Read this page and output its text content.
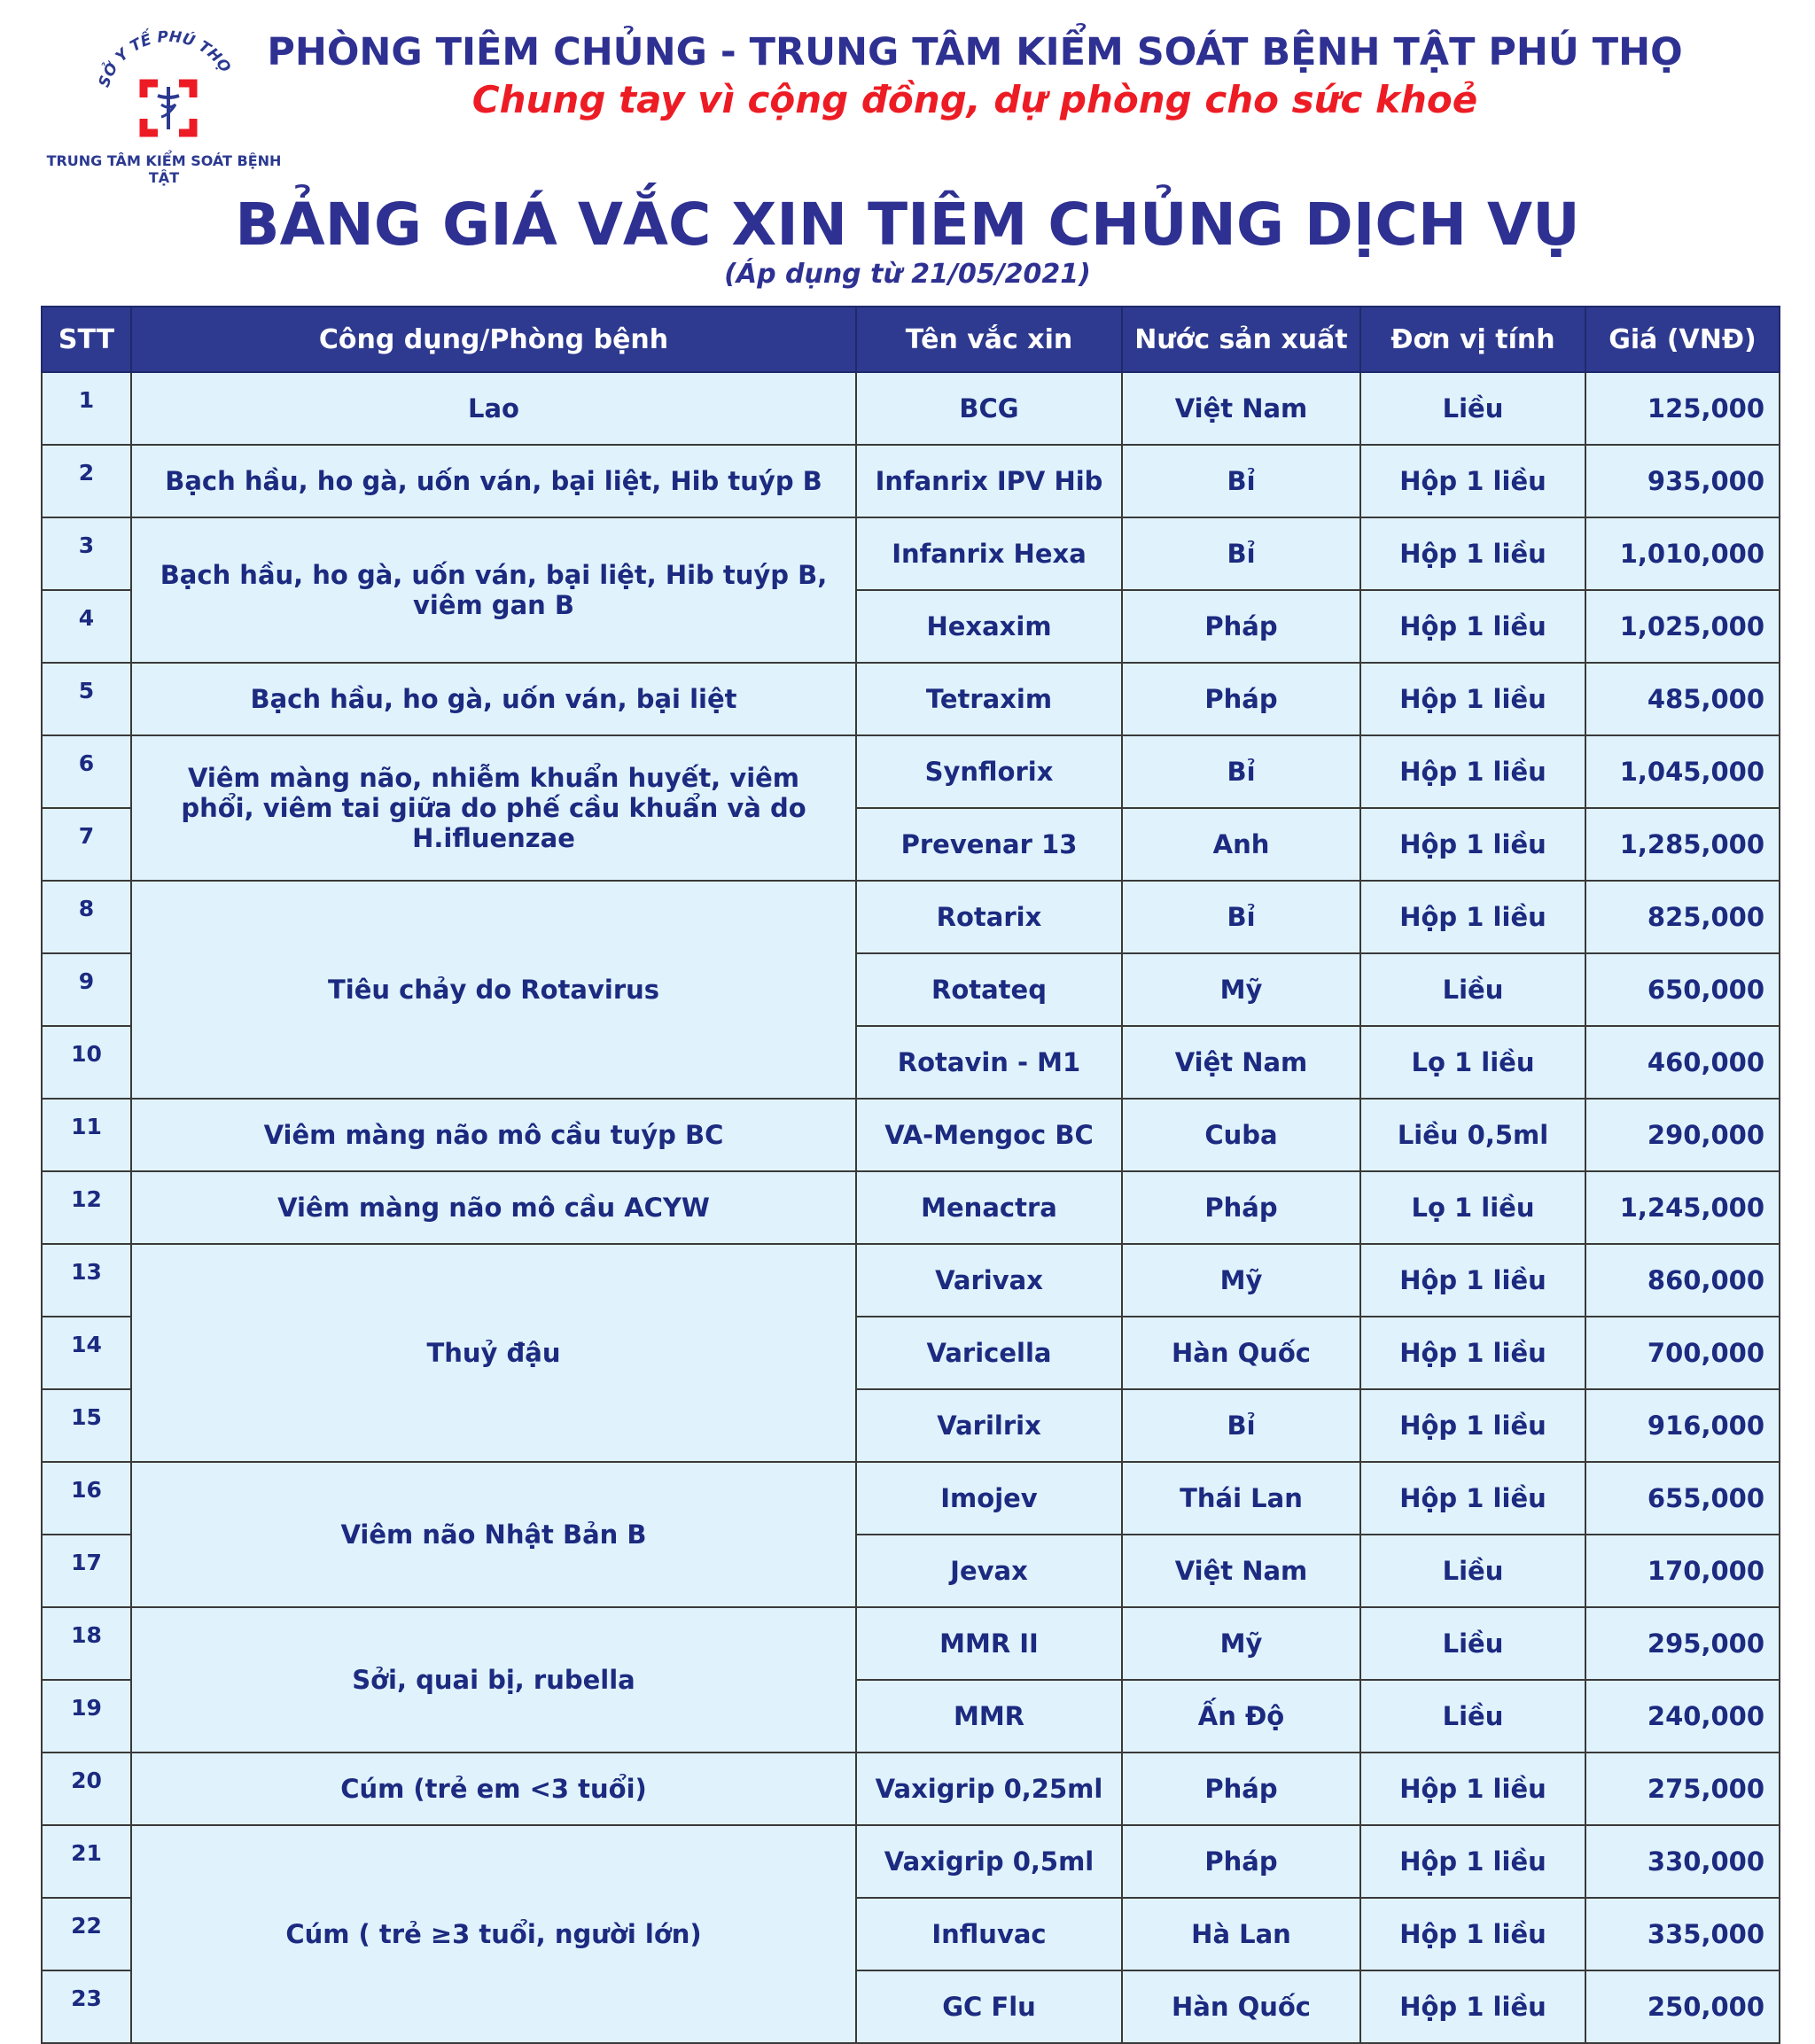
SỞ Y TẾ PHÚ THỌ
TRUNG TÂM KIỂM SOÁT BỆNH TẬT
PHÒNG TIÊM CHỦNG - TRUNG TÂM KIỂM SOÁT BỆNH TẬT PHÚ THỌ
Chung tay vì cộng đồng, dự phòng cho sức khoẻ
BẢNG GIÁ VẮC XIN TIÊM CHỦNG DỊCH VỤ
(Áp dụng từ 21/05/2021)
STT	Công dụng/Phòng bệnh	Tên vắc xin	Nước sản xuất	Đơn vị tính	Giá (VNĐ)
1	Lao	BCG	Việt Nam	Liều	125,000
2	Bạch hầu, ho gà, uốn ván, bại liệt, Hib tuýp B	Infanrix IPV Hib	Bỉ	Hộp 1 liều	935,000
3	Bạch hầu, ho gà, uốn ván, bại liệt, Hib tuýp B, viêm gan B	Infanrix Hexa	Bỉ	Hộp 1 liều	1,010,000
4		Hexaxim	Pháp	Hộp 1 liều	1,025,000
5	Bạch hầu, ho gà, uốn ván, bại liệt	Tetraxim	Pháp	Hộp 1 liều	485,000
6	Viêm màng não, nhiễm khuẩn huyết, viêm phổi, viêm tai giữa do phế cầu khuẩn và do H.ifluenzae	Synflorix	Bỉ	Hộp 1 liều	1,045,000
7		Prevenar 13	Anh	Hộp 1 liều	1,285,000
8	Tiêu chảy do Rotavirus	Rotarix	Bỉ	Hộp 1 liều	825,000
9		Rotateq	Mỹ	Liều	650,000
10		Rotavin - M1	Việt Nam	Lọ 1 liều	460,000
11	Viêm màng não mô cầu tuýp BC	VA-Mengoc BC	Cuba	Liều 0,5ml	290,000
12	Viêm màng não mô cầu ACYW	Menactra	Pháp	Lọ 1 liều	1,245,000
13	Thuỷ đậu	Varivax	Mỹ	Hộp 1 liều	860,000
14		Varicella	Hàn Quốc	Hộp 1 liều	700,000
15		Varilrix	Bỉ	Hộp 1 liều	916,000
16	Viêm não Nhật Bản B	Imojev	Thái Lan	Hộp 1 liều	655,000
17		Jevax	Việt Nam	Liều	170,000
18	Sởi, quai bị, rubella	MMR II	Mỹ	Liều	295,000
19		MMR	Ấn Độ	Liều	240,000
20	Cúm (trẻ em <3 tuổi)	Vaxigrip 0,25ml	Pháp	Hộp 1 liều	275,000
21	Cúm ( trẻ ≥3 tuổi, người lớn)	Vaxigrip 0,5ml	Pháp	Hộp 1 liều	330,000
22		Influvac	Hà Lan	Hộp 1 liều	335,000
23		GC Flu	Hàn Quốc	Hộp 1 liều	250,000
